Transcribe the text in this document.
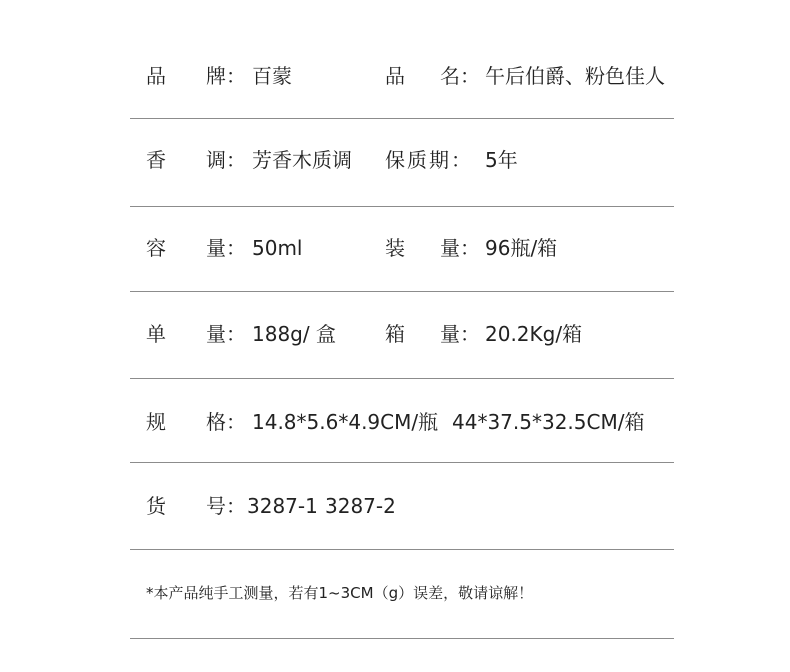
品 牌： 百蒙	品 名： 午后伯爵、粉色佳人
香 调： 芳香木质调 保质期： 5年
容 量： 50ml	装 量： 96瓶/箱
单 量： 188g/ 盒 箱 量： 20.2Kg/箱
规 格： 14.8*5.6*4.9CM/瓶 44*37.5*32.5CM/箱
货 号： 3287-1 3287-2
*本产品纯手工测量，若有1~3CM（g）误差，敬请谅解！
